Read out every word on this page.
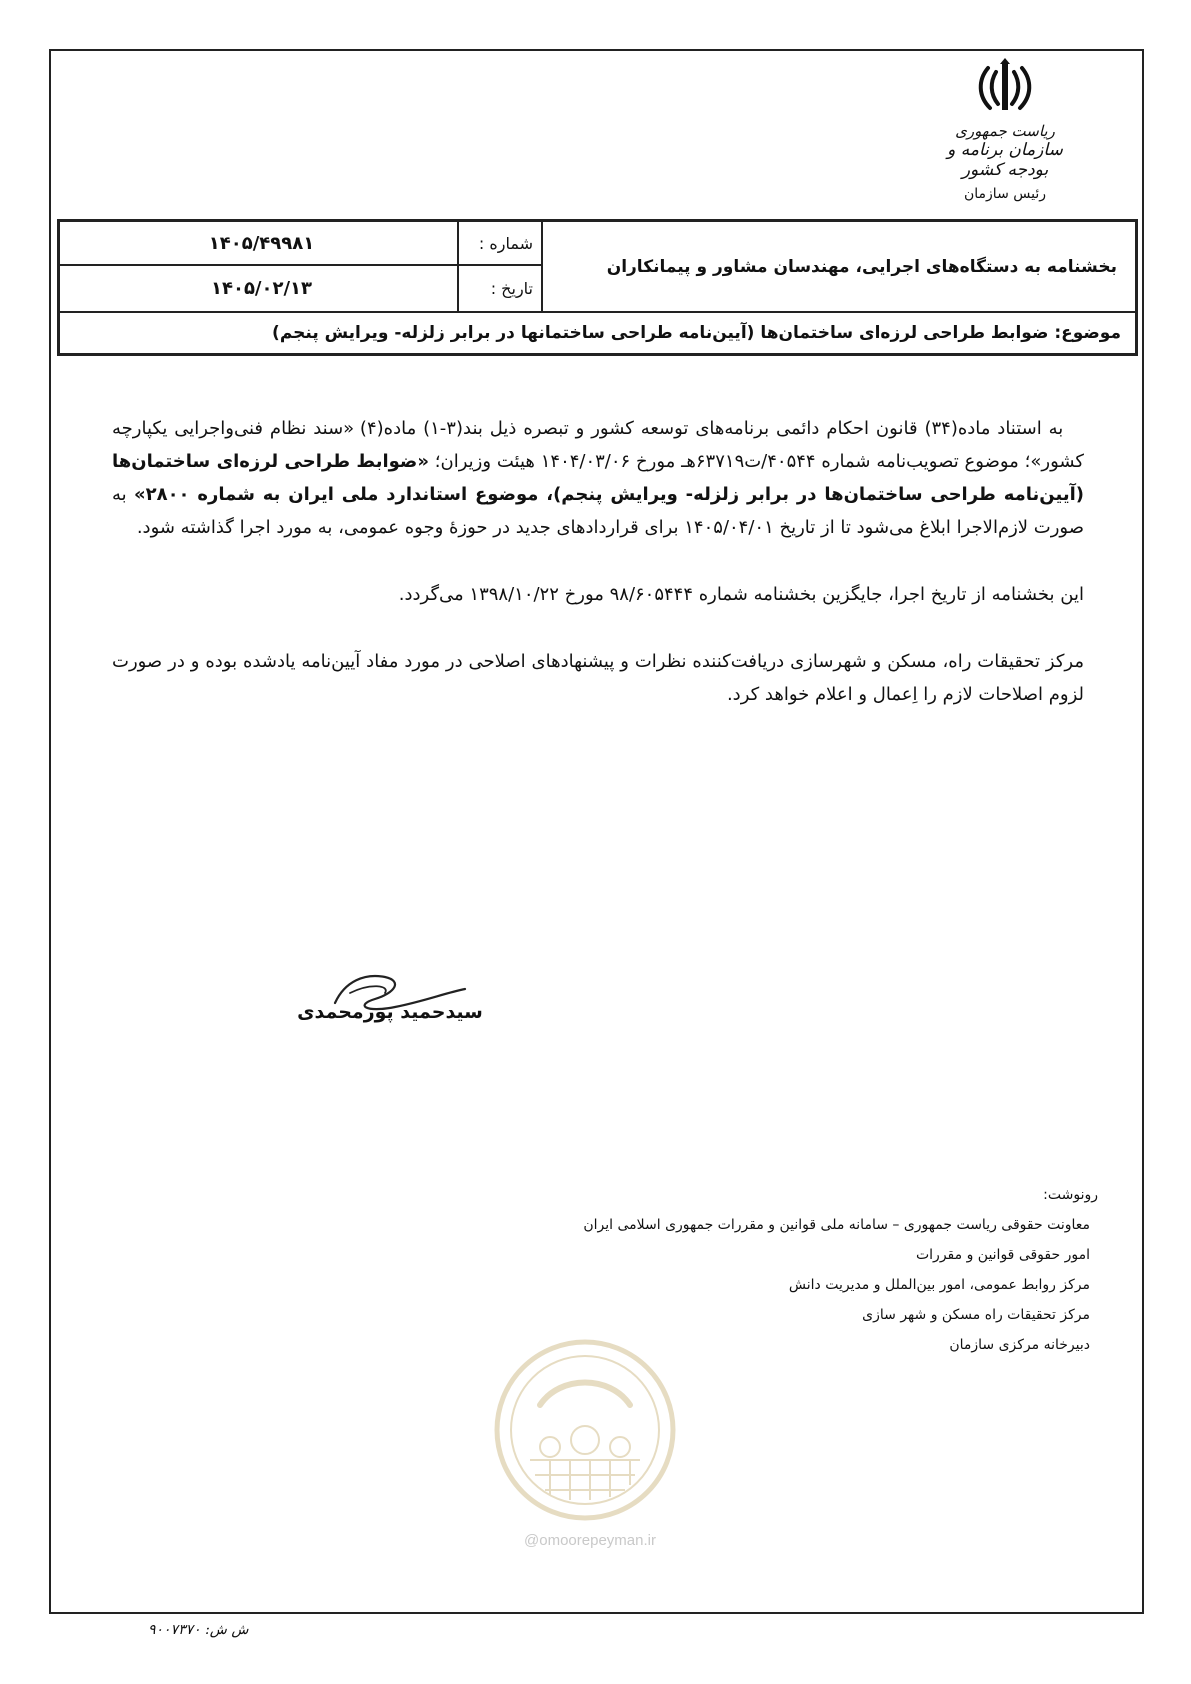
ریاست جمهوری
سازمان برنامه و بودجه کشور
رئیس سازمان
بخشنامه به دستگاه‌های اجرایی، مهندسان مشاور و پیمانکاران
شماره :
۱۴۰۵/۴۹۹۸۱
تاریخ :
۱۴۰۵/۰۲/۱۳
موضوع: ضوابط طراحی لرزه‌ای ساختمان‌ها (آیین‌نامه طراحی ساختمانها در برابر زلزله- ویرایش پنجم)

به استناد ماده(۳۴) قانون احکام دائمی برنامه‌های توسعه کشور و تبصره ذیل بند(۳-۱) ماده(۴) «سند نظام فنی‌واجرایی یکپارچه کشور»؛ موضوع تصویب‌نامه شماره ۴۰۵۴۴/ت۶۳۷۱۹هـ مورخ ۱۴۰۴/۰۳/۰۶ هیئت وزیران؛ «ضوابط طراحی لرزه‌ای ساختمان‌ها (آیین‌نامه طراحی ساختمان‌ها در برابر زلزله- ویرایش پنجم)، موضوع استاندارد ملی ایران به شماره ۲۸۰۰» به صورت لازم‌الاجرا ابلاغ می‌شود تا از تاریخ ۱۴۰۵/۰۴/۰۱ برای قراردادهای جدید در حوزهٔ وجوه عمومی، به مورد اجرا گذاشته شود.

این بخشنامه از تاریخ اجرا، جایگزین بخشنامه شماره ۹۸/۶۰۵۴۴۴ مورخ ۱۳۹۸/۱۰/۲۲ می‌گردد.

مرکز تحقیقات راه، مسکن و شهرسازی دریافت‌کننده نظرات و پیشنهادهای اصلاحی در مورد مفاد آیین‌نامه یادشده بوده و در صورت لزوم اصلاحات لازم را اِعمال و اعلام خواهد کرد.

سیدحمید پورمحمدی
رونوشت:
معاونت حقوقی ریاست جمهوری – سامانه ملی قوانین و مقررات جمهوری اسلامی ایران
امور حقوقی قوانین و مقررات
مرکز روابط عمومی، امور بین‌الملل و مدیریت دانش
مرکز تحقیقات راه مسکن و شهر سازی
دبیرخانه مرکزی سازمان
@omoorepeyman.ir
ش ش: ۹۰۰۷۳۷۰
